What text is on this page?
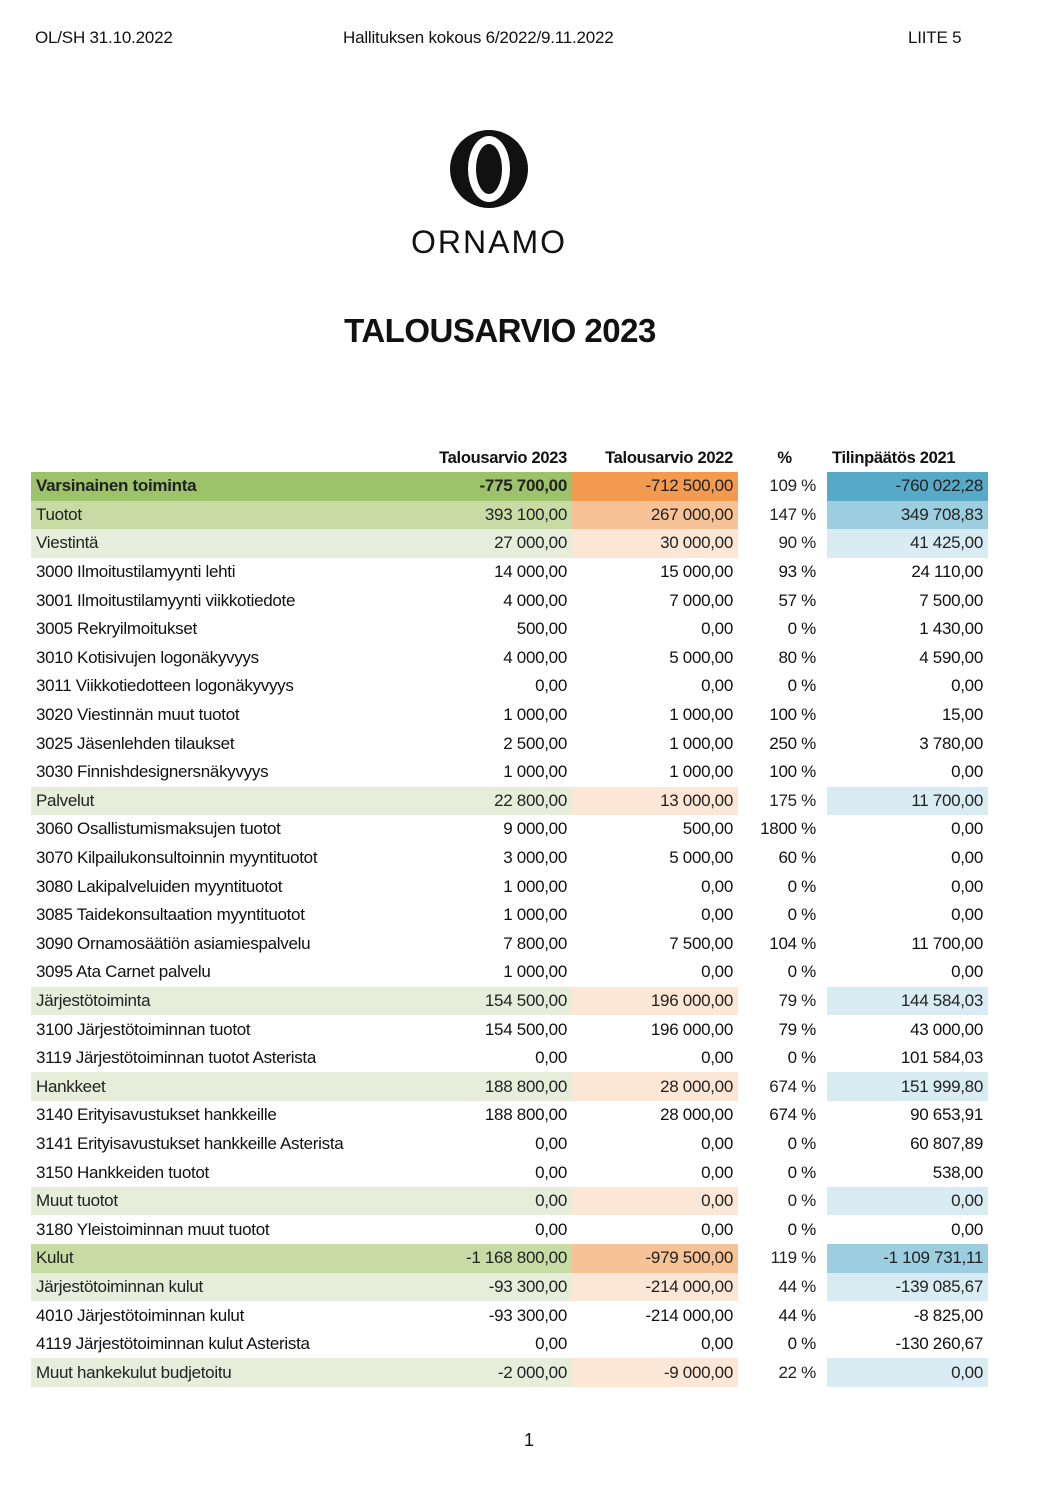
OL/SH 31.10.2022	Hallituksen kokous 6/2022/9.11.2022	LIITE 5
ORNAMO
TALOUSARVIO 2023
	Talousarvio 2023	Talousarvio 2022		%		Tilinpäätös 2021
Varsinainen toiminta	-775 700,00	-712 500,00		109 %		-760 022,28
Tuotot	393 100,00	267 000,00		147 %		349 708,83
Viestintä	27 000,00	30 000,00		90 %		41 425,00
3000 Ilmoitustilamyynti lehti	14 000,00	15 000,00		93 %		24 110,00
3001 Ilmoitustilamyynti viikkotiedote	4 000,00	7 000,00		57 %		7 500,00
3005 Rekryilmoitukset	500,00	0,00		0 %		1 430,00
3010 Kotisivujen logonäkyvyys	4 000,00	5 000,00		80 %		4 590,00
3011 Viikkotiedotteen logonäkyvyys	0,00	0,00		0 %		0,00
3020 Viestinnän muut tuotot	1 000,00	1 000,00		100 %		15,00
3025 Jäsenlehden tilaukset	2 500,00	1 000,00		250 %		3 780,00
3030 Finnishdesignersnäkyvyys	1 000,00	1 000,00		100 %		0,00
Palvelut	22 800,00	13 000,00		175 %		11 700,00
3060 Osallistumismaksujen tuotot	9 000,00	500,00		1800 %		0,00
3070 Kilpailukonsultoinnin myyntituotot	3 000,00	5 000,00		60 %		0,00
3080 Lakipalveluiden myyntituotot	1 000,00	0,00		0 %		0,00
3085 Taidekonsultaation myyntituotot	1 000,00	0,00		0 %		0,00
3090 Ornamosäätiön asiamiespalvelu	7 800,00	7 500,00		104 %		11 700,00
3095 Ata Carnet palvelu	1 000,00	0,00		0 %		0,00
Järjestötoiminta	154 500,00	196 000,00		79 %		144 584,03
3100 Järjestötoiminnan tuotot	154 500,00	196 000,00		79 %		43 000,00
3119 Järjestötoiminnan tuotot Asterista	0,00	0,00		0 %		101 584,03
Hankkeet	188 800,00	28 000,00		674 %		151 999,80
3140 Erityisavustukset hankkeille	188 800,00	28 000,00		674 %		90 653,91
3141 Erityisavustukset hankkeille Asterista	0,00	0,00		0 %		60 807,89
3150 Hankkeiden tuotot	0,00	0,00		0 %		538,00
Muut tuotot	0,00	0,00		0 %		0,00
3180 Yleistoiminnan muut tuotot	0,00	0,00		0 %		0,00
Kulut	-1 168 800,00	-979 500,00		119 %		-1 109 731,11
Järjestötoiminnan kulut	-93 300,00	-214 000,00		44 %		-139 085,67
4010 Järjestötoiminnan kulut	-93 300,00	-214 000,00		44 %		-8 825,00
4119 Järjestötoiminnan kulut Asterista	0,00	0,00		0 %		-130 260,67
Muut hankekulut budjetoitu	-2 000,00	-9 000,00		22 %		0,00
1
